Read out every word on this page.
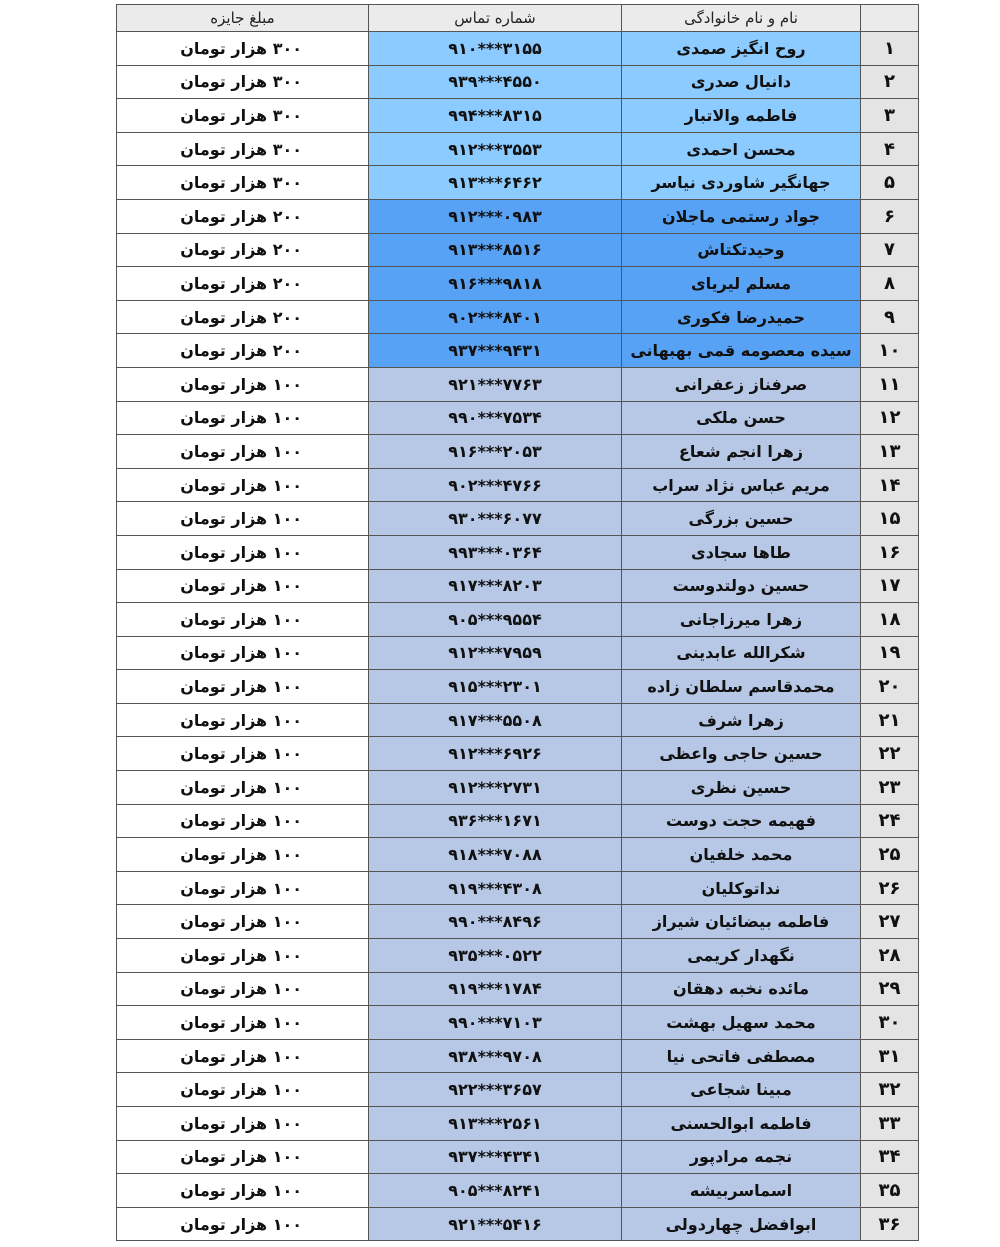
	نام و نام خانوادگی	شماره تماس	مبلغ جایزه
۱	روح انگیز صمدی	۹۱۰***۳۱۵۵	۳۰۰ هزار تومان
۲	دانیال صدری	۹۳۹***۴۵۵۰	۳۰۰ هزار تومان
۳	فاطمه والاتبار	۹۹۴***۸۳۱۵	۳۰۰ هزار تومان
۴	محسن احمدی	۹۱۲***۳۵۵۳	۳۰۰ هزار تومان
۵	جهانگیر شاوردی نیاسر	۹۱۳***۶۴۶۲	۳۰۰ هزار تومان
۶	جواد رستمی ماجلان	۹۱۲***۰۹۸۳	۲۰۰ هزار تومان
۷	وحیدتکتاش	۹۱۳***۸۵۱۶	۲۰۰ هزار تومان
۸	مسلم لیریای	۹۱۶***۹۸۱۸	۲۰۰ هزار تومان
۹	حمیدرضا فکوری	۹۰۲***۸۴۰۱	۲۰۰ هزار تومان
۱۰	سیده معصومه قمی بهبهانی	۹۳۷***۹۴۳۱	۲۰۰ هزار تومان
۱۱	صرفناز زعفرانی	۹۲۱***۷۷۶۳	۱۰۰ هزار تومان
۱۲	حسن ملکی	۹۹۰***۷۵۳۴	۱۰۰ هزار تومان
۱۳	زهرا انجم شعاع	۹۱۶***۲۰۵۳	۱۰۰ هزار تومان
۱۴	مریم عباس نژاد سراب	۹۰۲***۴۷۶۶	۱۰۰ هزار تومان
۱۵	حسین بزرگی	۹۳۰***۶۰۷۷	۱۰۰ هزار تومان
۱۶	طاها سجادی	۹۹۳***۰۳۶۴	۱۰۰ هزار تومان
۱۷	حسین دولتدوست	۹۱۷***۸۲۰۳	۱۰۰ هزار تومان
۱۸	زهرا میرزاجانی	۹۰۵***۹۵۵۴	۱۰۰ هزار تومان
۱۹	شکرالله عابدینی	۹۱۲***۷۹۵۹	۱۰۰ هزار تومان
۲۰	محمدقاسم سلطان زاده	۹۱۵***۲۳۰۱	۱۰۰ هزار تومان
۲۱	زهرا شرف	۹۱۷***۵۵۰۸	۱۰۰ هزار تومان
۲۲	حسین حاجی واعظی	۹۱۲***۶۹۲۶	۱۰۰ هزار تومان
۲۳	حسین نظری	۹۱۲***۲۷۳۱	۱۰۰ هزار تومان
۲۴	فهیمه حجت دوست	۹۳۶***۱۶۷۱	۱۰۰ هزار تومان
۲۵	محمد خلفیان	۹۱۸***۷۰۸۸	۱۰۰ هزار تومان
۲۶	نداتوکلیان	۹۱۹***۴۳۰۸	۱۰۰ هزار تومان
۲۷	فاطمه بیضائیان شیراز	۹۹۰***۸۴۹۶	۱۰۰ هزار تومان
۲۸	نگهدار کریمی	۹۳۵***۰۵۲۲	۱۰۰ هزار تومان
۲۹	مائده نخبه دهقان	۹۱۹***۱۷۸۴	۱۰۰ هزار تومان
۳۰	محمد سهیل بهشت	۹۹۰***۷۱۰۳	۱۰۰ هزار تومان
۳۱	مصطفی فاتحی نیا	۹۳۸***۹۷۰۸	۱۰۰ هزار تومان
۳۲	مبینا شجاعی	۹۲۲***۳۶۵۷	۱۰۰ هزار تومان
۳۳	فاطمه ابوالحسنی	۹۱۳***۲۵۶۱	۱۰۰ هزار تومان
۳۴	نجمه مرادپور	۹۳۷***۴۳۴۱	۱۰۰ هزار تومان
۳۵	اسماسربیشه	۹۰۵***۸۲۴۱	۱۰۰ هزار تومان
۳۶	ابوافضل چهاردولی	۹۲۱***۵۴۱۶	۱۰۰ هزار تومان
